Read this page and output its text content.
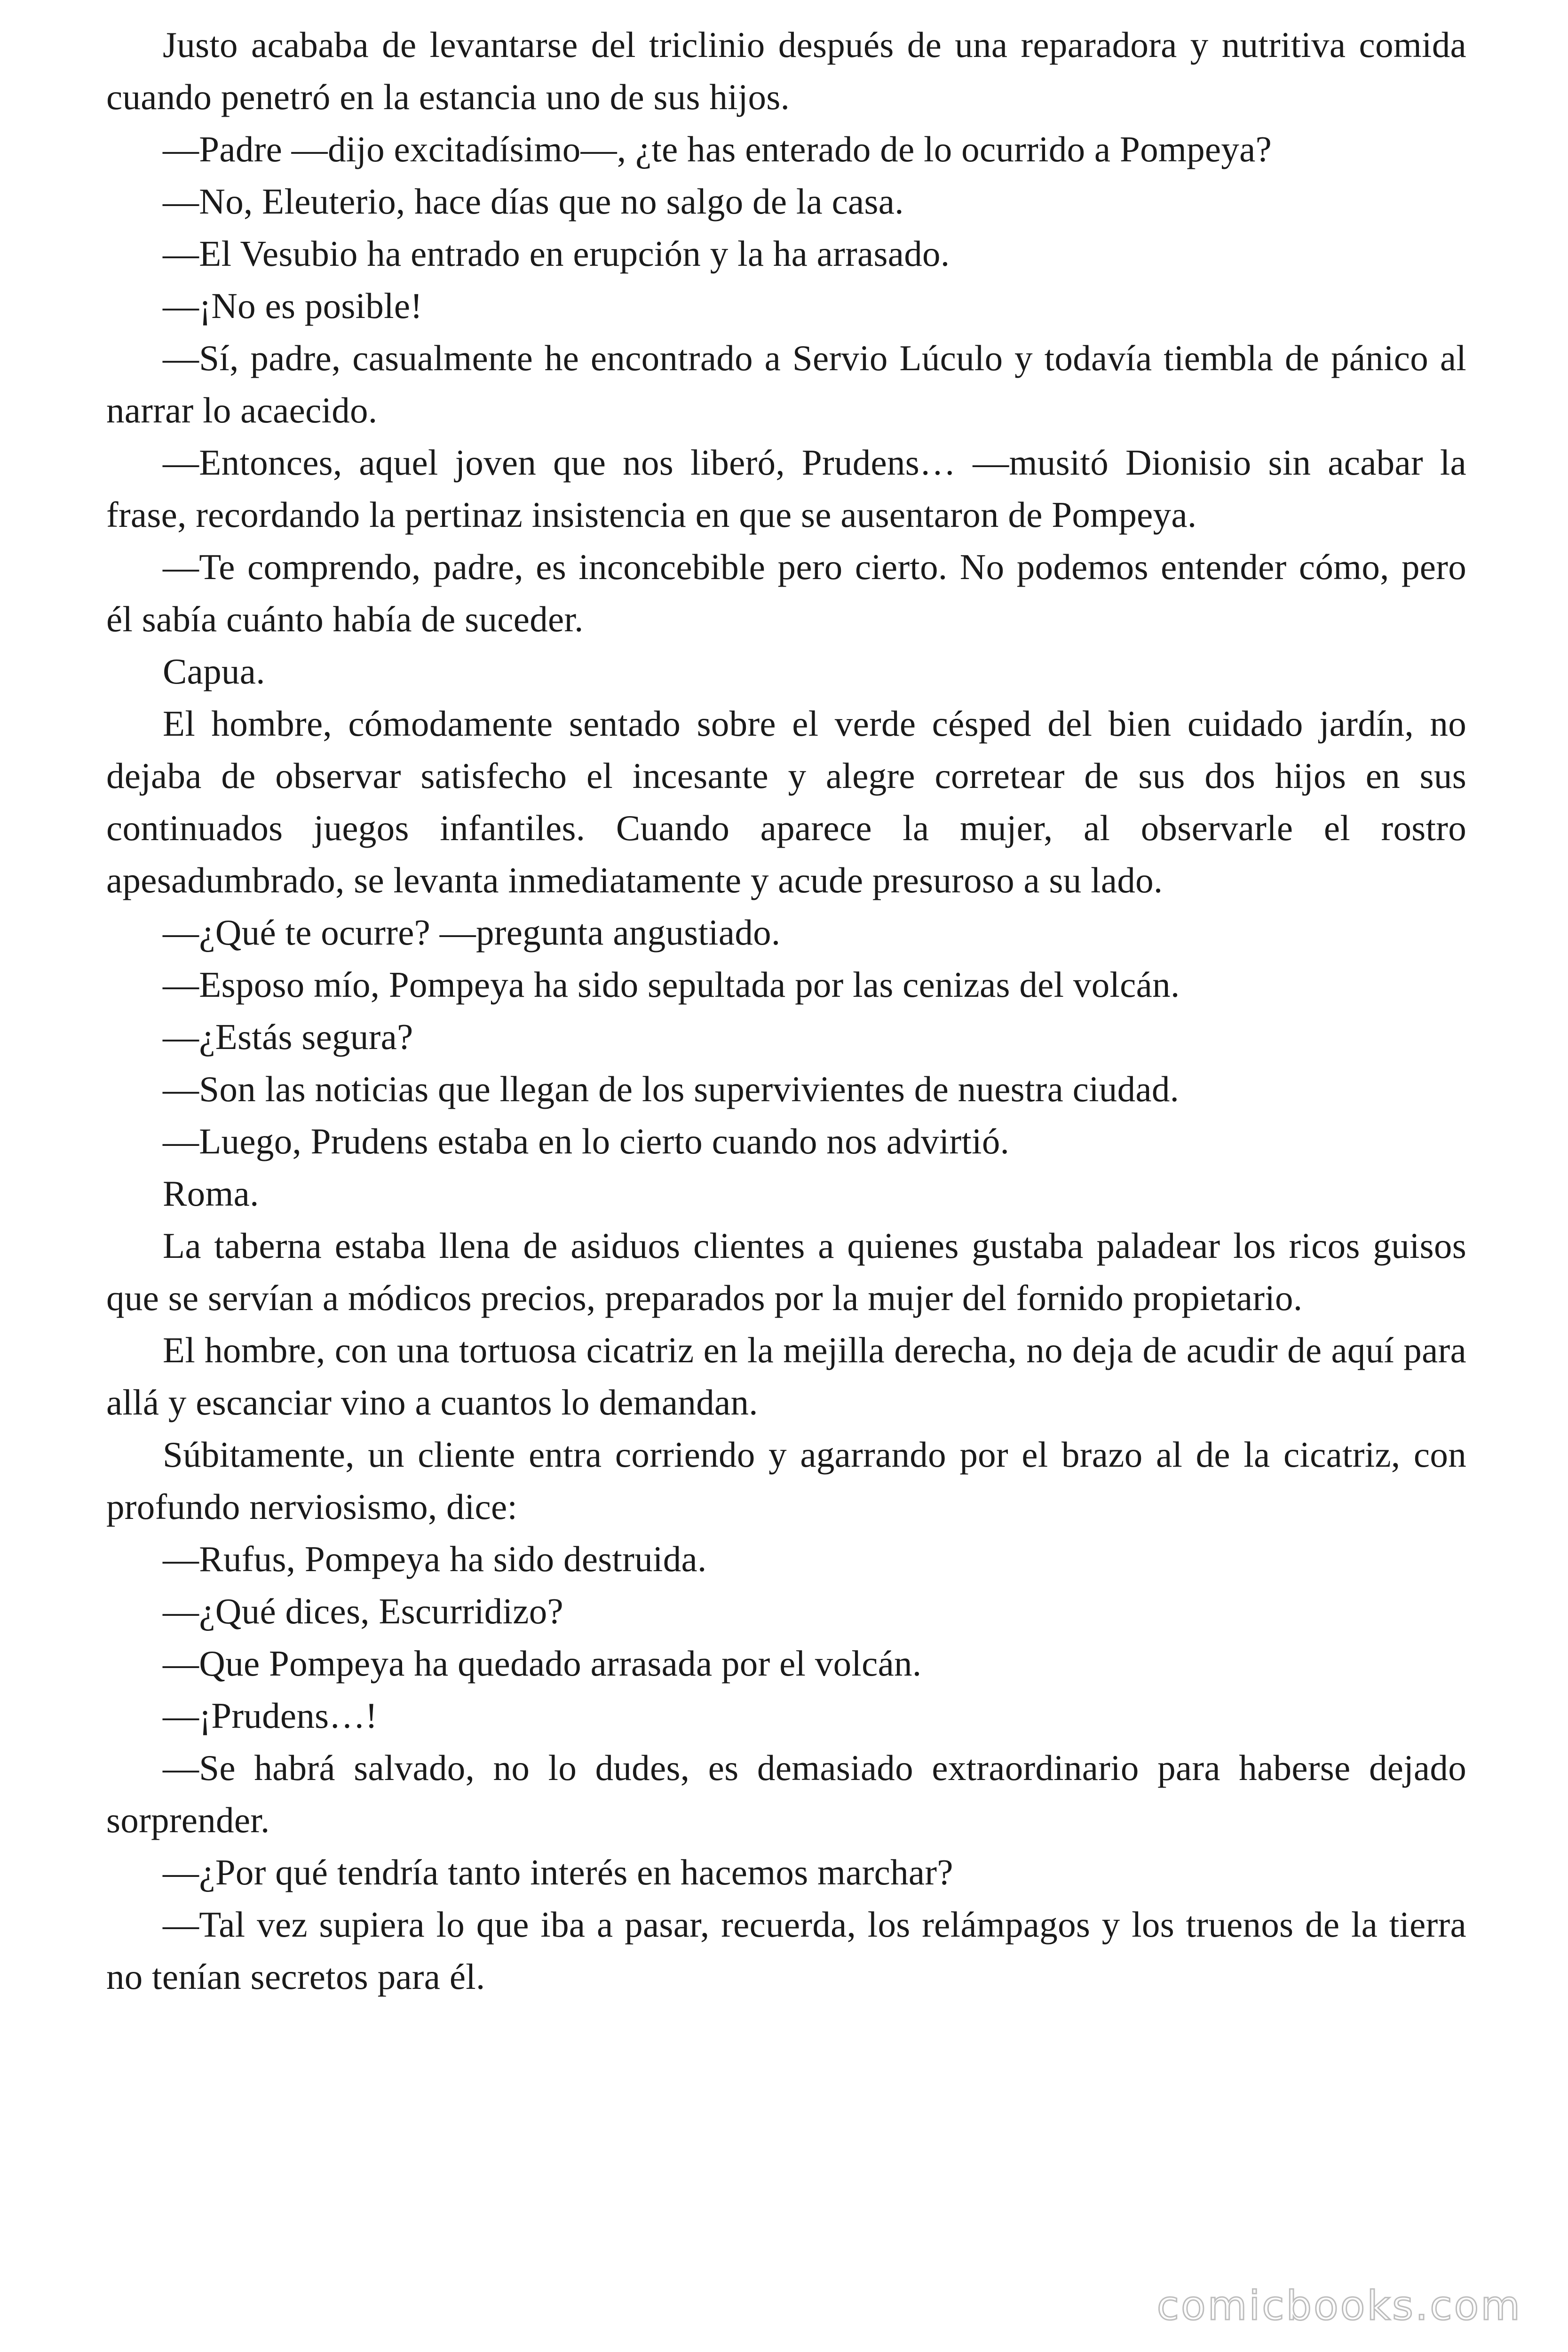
Justo acababa de levantarse del triclinio después de una reparadora y nutritiva comida cuando penetró en la estancia uno de sus hijos.

—Padre —dijo excitadísimo—, ¿te has enterado de lo ocurrido a Pompeya?

—No, Eleuterio, hace días que no salgo de la casa.

—El Vesubio ha entrado en erupción y la ha arrasado.

—¡No es posible!

—Sí, padre, casualmente he encontrado a Servio Lúculo y todavía tiembla de pánico al narrar lo acaecido.

—Entonces, aquel joven que nos liberó, Prudens… —musitó Dionisio sin acabar la frase, recordando la pertinaz insistencia en que se ausentaron de Pompeya.

—Te comprendo, padre, es inconcebible pero cierto. No podemos entender cómo, pero él sabía cuánto había de suceder.

Capua.

El hombre, cómodamente sentado sobre el verde césped del bien cuidado jardín, no dejaba de observar satisfecho el incesante y alegre corretear de sus dos hijos en sus continuados juegos infantiles. Cuando aparece la mujer, al observarle el rostro apesadumbrado, se levanta inmediatamente y acude presuroso a su lado.

—¿Qué te ocurre? —pregunta angustiado.

—Esposo mío, Pompeya ha sido sepultada por las cenizas del volcán.

—¿Estás segura?

—Son las noticias que llegan de los supervivientes de nuestra ciudad.

—Luego, Prudens estaba en lo cierto cuando nos advirtió.

Roma.

La taberna estaba llena de asiduos clientes a quienes gustaba paladear los ricos guisos que se servían a módicos precios, preparados por la mujer del fornido propietario.

El hombre, con una tortuosa cicatriz en la mejilla derecha, no deja de acudir de aquí para allá y escanciar vino a cuantos lo demandan.

Súbitamente, un cliente entra corriendo y agarrando por el brazo al de la cicatriz, con profundo nerviosismo, dice:

—Rufus, Pompeya ha sido destruida.

—¿Qué dices, Escurridizo?

—Que Pompeya ha quedado arrasada por el volcán.

—¡Prudens…!

—Se habrá salvado, no lo dudes, es demasiado extraordinario para haberse dejado sorprender.

—¿Por qué tendría tanto interés en hacemos marchar?

—Tal vez supiera lo que iba a pasar, recuerda, los relámpagos y los truenos de la tierra no tenían secretos para él.

comicbooks.com
